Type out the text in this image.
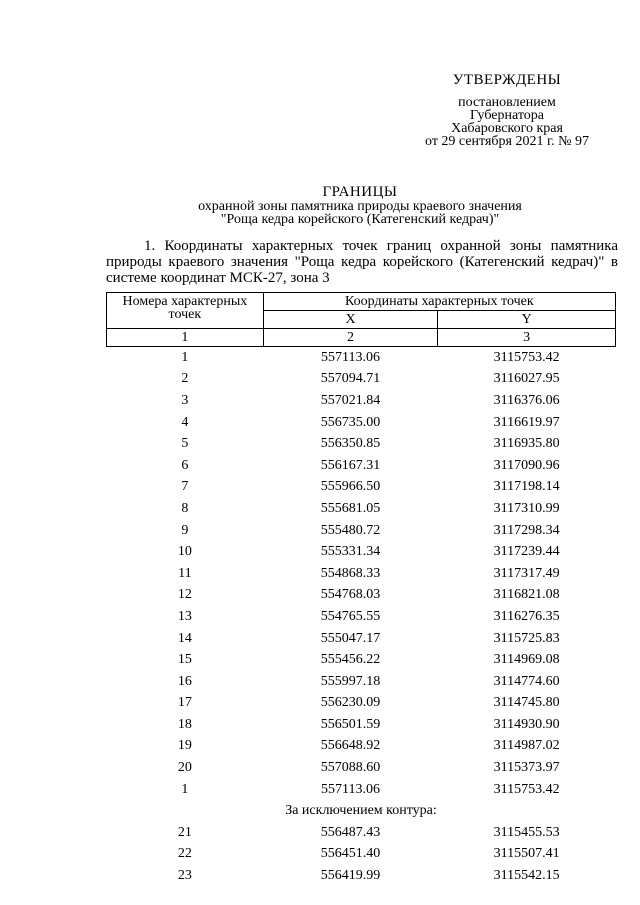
УТВЕРЖДЕНЫ
постановлением
Губернатора
Хабаровского края
от 29 сентября 2021 г. № 97
ГРАНИЦЫ
охранной зоны памятника природы краевого значения
"Роща кедра корейского (Категенский кедрач)"
1. Координаты характерных точек границ охранной зоны памятника природы краевого значения "Роща кедра корейского (Категенский кедрач)" в системе координат МСК-27, зона 3
Номера характерных точек	Координаты характерных точек	
	X	Y
1	2	3
1	557113.06	3115753.42
2	557094.71	3116027.95
3	557021.84	3116376.06
4	556735.00	3116619.97
5	556350.85	3116935.80
6	556167.31	3117090.96
7	555966.50	3117198.14
8	555681.05	3117310.99
9	555480.72	3117298.34
10	555331.34	3117239.44
11	554868.33	3117317.49
12	554768.03	3116821.08
13	554765.55	3116276.35
14	555047.17	3115725.83
15	555456.22	3114969.08
16	555997.18	3114774.60
17	556230.09	3114745.80
18	556501.59	3114930.90
19	556648.92	3114987.02
20	557088.60	3115373.97
1	557113.06	3115753.42
За исключением контура:		
21	556487.43	3115455.53
22	556451.40	3115507.41
23	556419.99	3115542.15
